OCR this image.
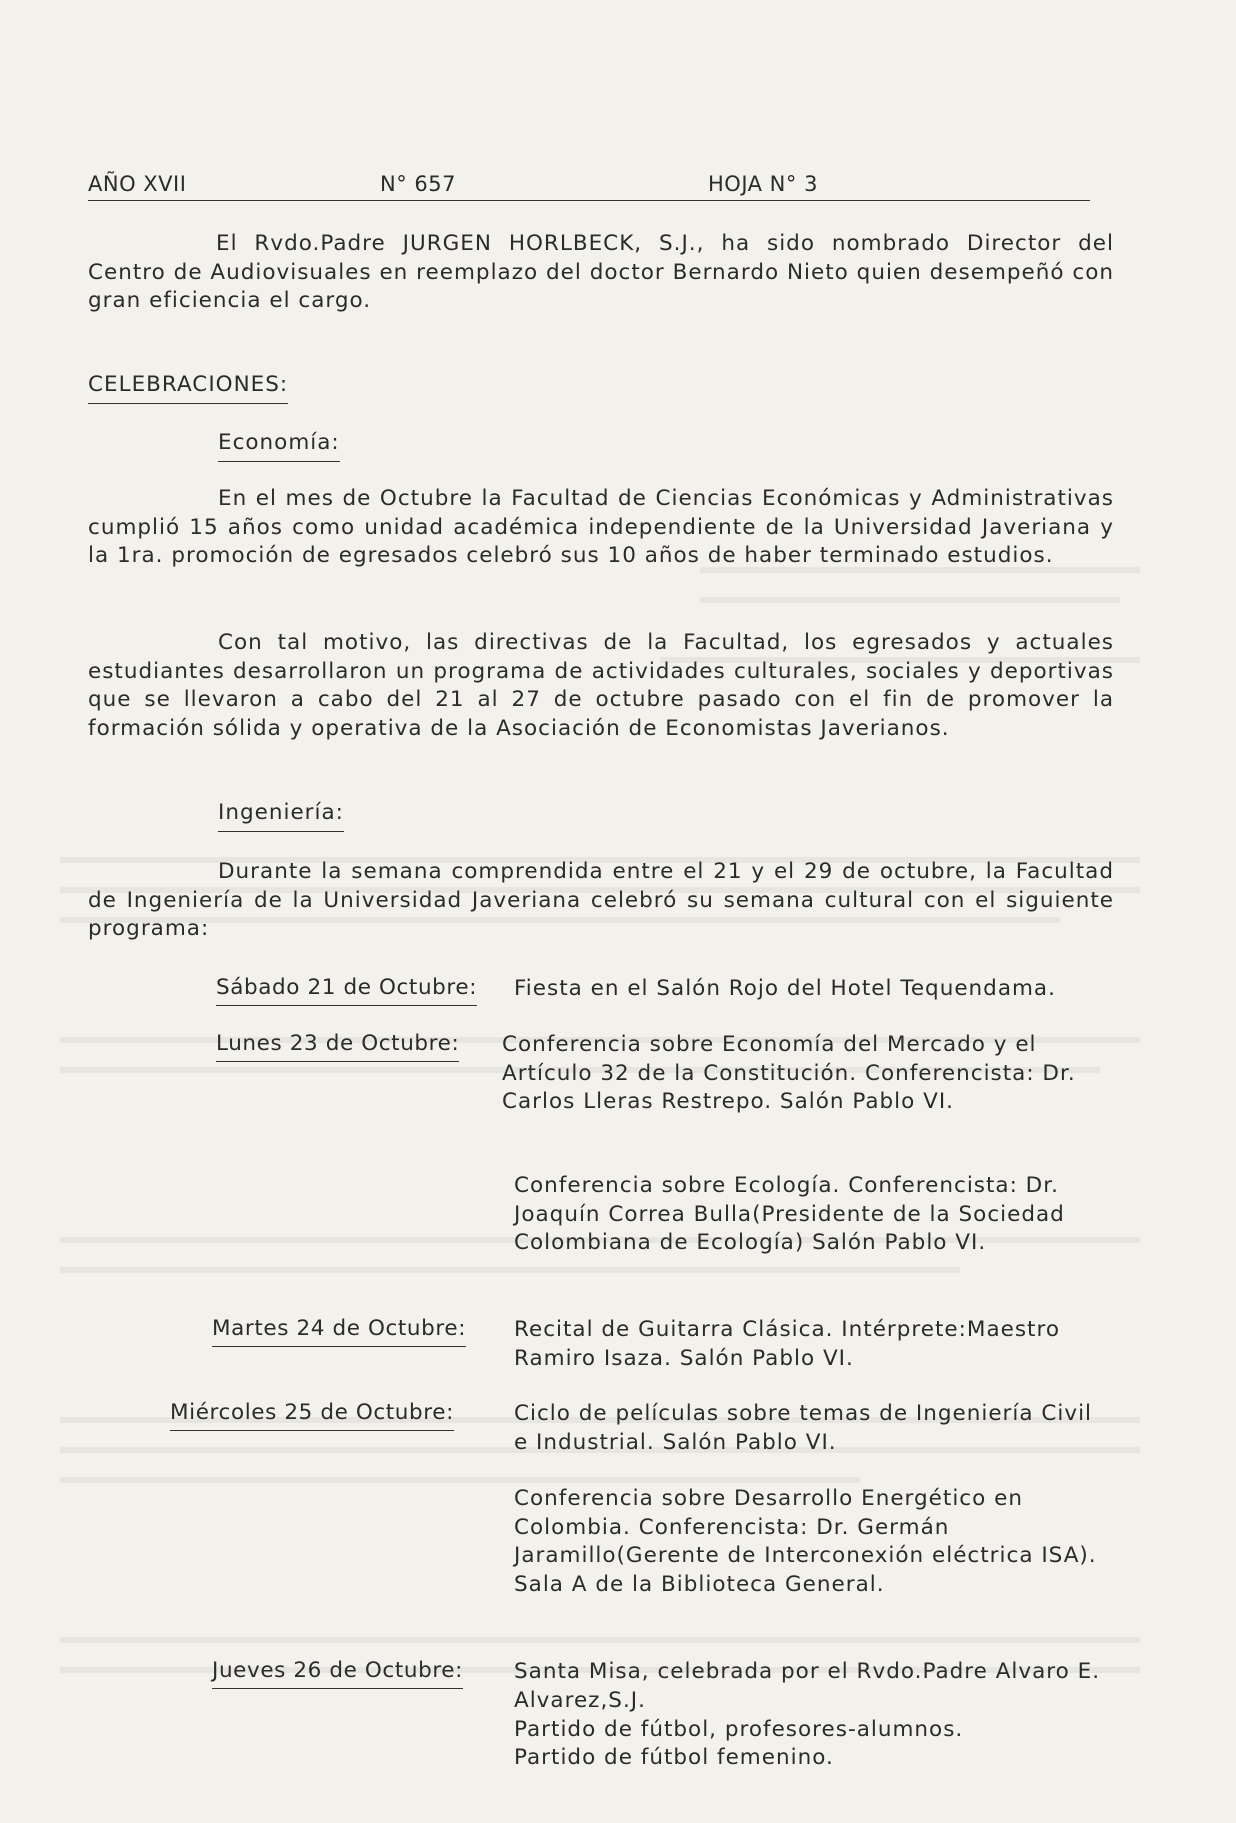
AÑO XVII	N° 657	HOJA N° 3

El Rvdo.Padre JURGEN HORLBECK, S.J., ha sido nombrado Director del Centro de Audiovisuales en reemplazo del doctor Bernardo Nieto quien desempeñó con gran eficiencia el cargo.

CELEBRACIONES:
Economía:

En el mes de Octubre la Facultad de Ciencias Económicas y Administrativas cumplió 15 años como unidad académica independiente de la Universidad Javeriana y la 1ra. promoción de egresados celebró sus 10 años de haber terminado estudios.

Con tal motivo, las directivas de la Facultad, los egresados y actuales estudiantes desarrollaron un programa de actividades culturales, sociales y deportivas que se llevaron a cabo del 21 al 27 de octubre pasado con el fin de promover la formación sólida y operativa de la Asociación de Economistas Javerianos.

Ingeniería:

Durante la semana comprendida entre el 21 y el 29 de octubre, la Facultad de Ingeniería de la Universidad Javeriana celebró su semana cultural con el siguiente programa:

Sábado 21 de Octubre: Fiesta en el Salón Rojo del Hotel Tequendama.

Lunes 23 de Octubre: Conferencia sobre Economía del Mercado y el Artículo 32 de la Constitución. Conferencista: Dr. Carlos Lleras Restrepo. Salón Pablo VI.

Conferencia sobre Ecología. Conferencista: Dr. Joaquín Correa Bulla(Presidente de la Sociedad Colombiana de Ecología) Salón Pablo VI.

Martes 24 de Octubre: Recital de Guitarra Clásica. Intérprete:Maestro Ramiro Isaza. Salón Pablo VI.

Miércoles 25 de Octubre:	Ciclo de películas sobre temas de Ingeniería Civil e Industrial. Salón Pablo VI.

Conferencia sobre Desarrollo Energético en Colombia. Conferencista: Dr. Germán Jaramillo(Gerente de Interconexión eléctrica ISA). Sala A de la Biblioteca General.

Jueves 26 de Octubre: Santa Misa, celebrada por el Rvdo.Padre Alvaro E. Alvarez,S.J.

Partido de fútbol, profesores-alumnos.

Partido de fútbol femenino.
